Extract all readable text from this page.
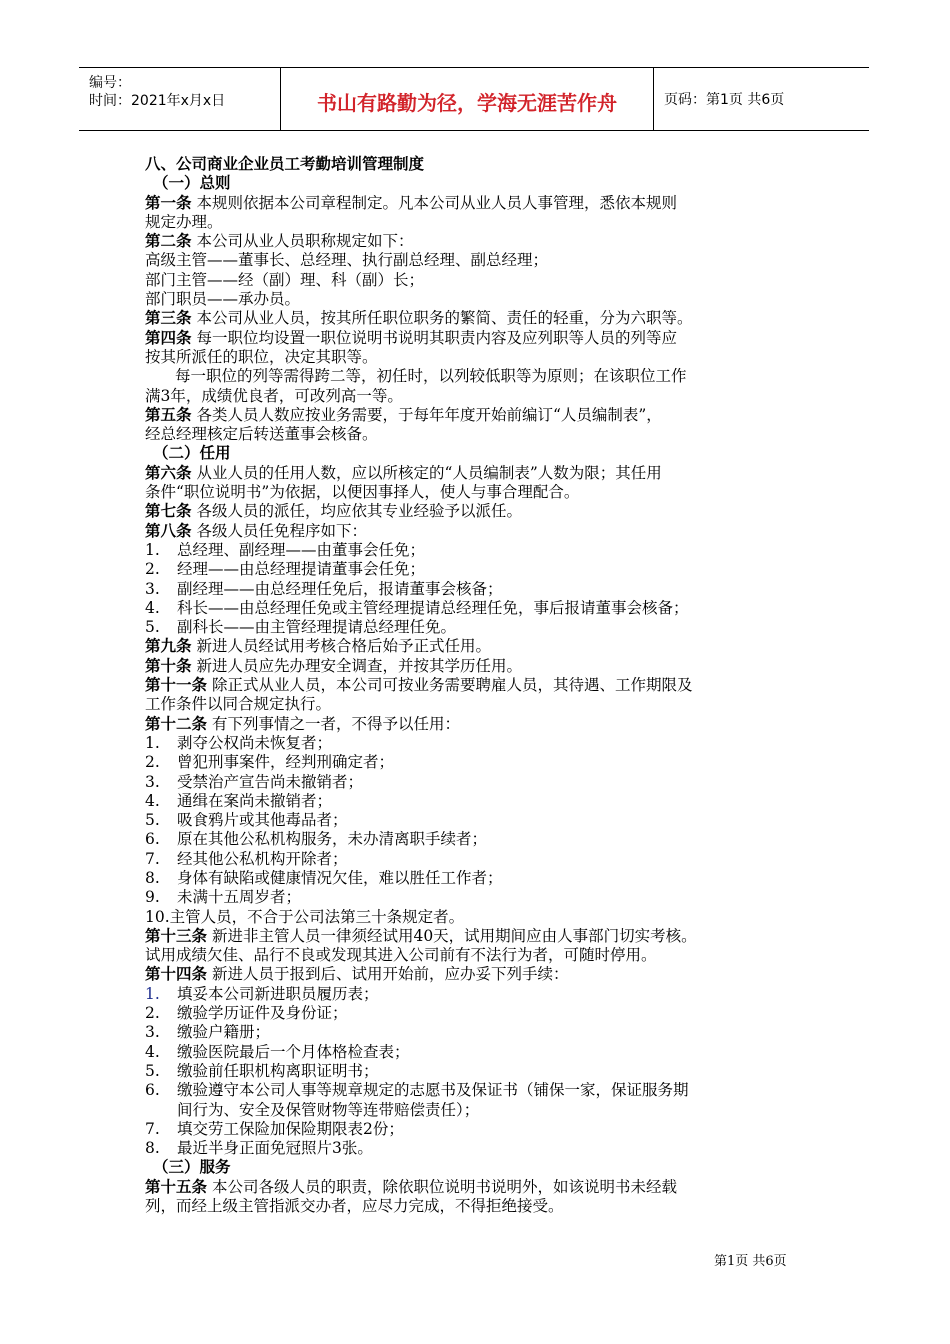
编号：
时间：2021年x月x日	书山有路勤为径，学海无涯苦作舟	页码：第1页 共6页
八、公司商业企业员工考勤培训管理制度
（一）总则
第一条 本规则依据本公司章程制定。凡本公司从业人员人事管理，悉依本规则
规定办理。
第二条 本公司从业人员职称规定如下：
高级主管——董事长、总经理、执行副总经理、副总经理；
部门主管——经（副）理、科（副）长；
部门职员——承办员。
第三条 本公司从业人员，按其所任职位职务的繁简、责任的轻重，分为六职等。
第四条 每一职位均设置一职位说明书说明其职责内容及应列职等人员的列等应
按其所派任的职位，决定其职等。
每一职位的列等需得跨二等，初任时，以列较低职等为原则；在该职位工作
满3年，成绩优良者，可改列高一等。
第五条 各类人员人数应按业务需要，于每年年度开始前编订“人员编制表”，
经总经理核定后转送董事会核备。
（二）任用
第六条 从业人员的任用人数，应以所核定的“人员编制表”人数为限；其任用
条件“职位说明书”为依据，以便因事择人，使人与事合理配合。
第七条 各级人员的派任，均应依其专业经验予以派任。
第八条 各级人员任免程序如下：
1. 总经理、副经理——由董事会任免；
2. 经理——由总经理提请董事会任免；
3. 副经理——由总经理任免后，报请董事会核备；
4. 科长——由总经理任免或主管经理提请总经理任免，事后报请董事会核备；
5. 副科长——由主管经理提请总经理任免。
第九条 新进人员经试用考核合格后始予正式任用。
第十条 新进人员应先办理安全调查，并按其学历任用。
第十一条 除正式从业人员，本公司可按业务需要聘雇人员，其待遇、工作期限及
工作条件以同合规定执行。
第十二条 有下列事情之一者，不得予以任用：
1. 剥夺公权尚未恢复者；
2. 曾犯刑事案件，经判刑确定者；
3. 受禁治产宣告尚未撤销者；
4. 通缉在案尚未撤销者；
5. 吸食鸦片或其他毒品者；
6. 原在其他公私机构服务，未办清离职手续者；
7. 经其他公私机构开除者；
8. 身体有缺陷或健康情况欠佳，难以胜任工作者；
9. 未满十五周岁者；
10.主管人员，不合于公司法第三十条规定者。
第十三条 新进非主管人员一律须经试用40天，试用期间应由人事部门切实考核。
试用成绩欠佳、品行不良或发现其进入公司前有不法行为者，可随时停用。
第十四条 新进人员于报到后、试用开始前，应办妥下列手续：
1. 填妥本公司新进职员履历表；
2. 缴验学历证件及身份证；
3. 缴验户籍册；
4. 缴验医院最后一个月体格检查表；
5. 缴验前任职机构离职证明书；
6. 缴验遵守本公司人事等规章规定的志愿书及保证书（铺保一家，保证服务期
间行为、安全及保管财物等连带赔偿责任）；
7. 填交劳工保险加保险期限表2份；
8. 最近半身正面免冠照片3张。
（三）服务
第十五条 本公司各级人员的职责，除依职位说明书说明外，如该说明书未经载
列，而经上级主管指派交办者，应尽力完成，不得拒绝接受。
第1页 共6页
